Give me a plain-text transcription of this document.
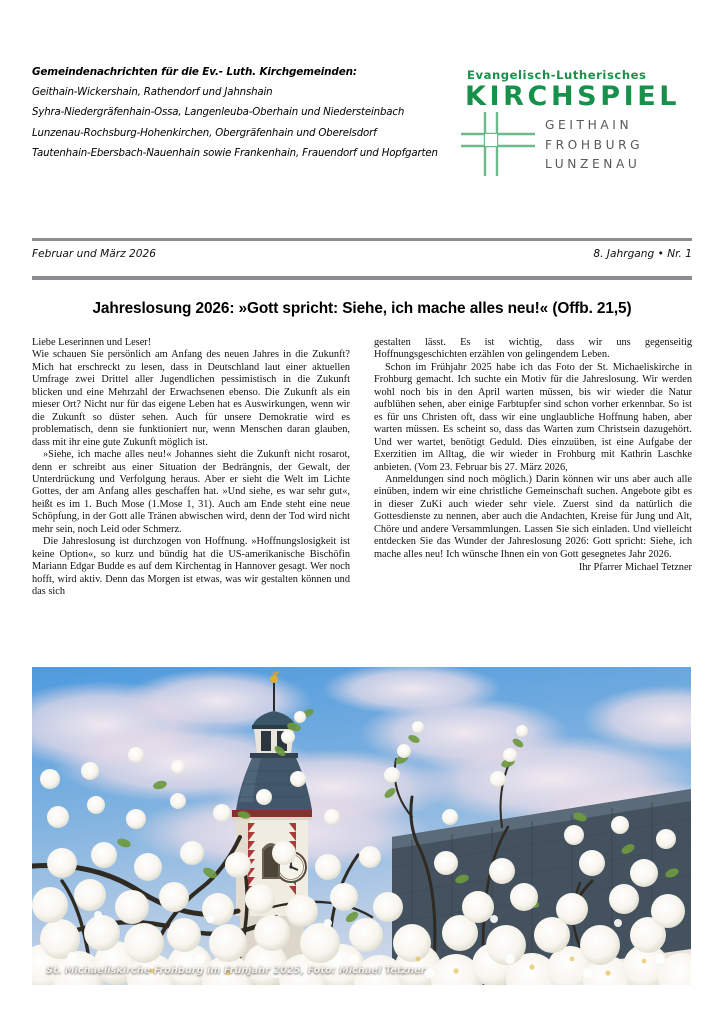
Gemeindenachrichten für die Ev.- Luth. Kirchgemeinden:
Geithain-Wickershain, Rathendorf und Jahnshain
Syhra-Niedergräfenhain-Ossa, Langenleuba-Oberhain und Niedersteinbach
Lunzenau-Rochsburg-Hohenkirchen, Obergräfenhain und Oberelsdorf
Tautenhain-Ebersbach-Nauenhain sowie Frankenhain, Frauendorf und Hopfgarten
Evangelisch-Lutherisches
KIRCHSPIEL
GEITHAIN
FROHBURG
LUNZENAU
Februar und März 2026	8. Jahrgang • Nr. 1
Jahreslosung 2026: »Gott spricht: Siehe, ich mache alles neu!« (Offb. 21,5)

Liebe Leserinnen und Leser!

Wie schauen Sie persönlich am Anfang des neuen Jahres in die Zukunft? Mich hat erschreckt zu lesen, dass in Deutschland laut einer aktuellen Umfrage zwei Drittel aller Jugendlichen pessimistisch in die Zukunft blicken und eine Mehrzahl der Erwachsenen ebenso. Die Zukunft als ein mieser Ort? Nicht nur für das eigene Leben hat es Auswirkungen, wenn wir die Zukunft so düster sehen. Auch für unsere Demokratie wird es problematisch, denn sie funktioniert nur, wenn Menschen daran glauben, dass mit ihr eine gute Zukunft möglich ist.

»Siehe, ich mache alles neu!« Johannes sieht die Zukunft nicht rosarot, denn er schreibt aus einer Situation der Bedrängnis, der Gewalt, der Unterdrückung und Verfolgung heraus. Aber er sieht die Welt im Lichte Gottes, der am Anfang alles geschaffen hat. »Und siehe, es war sehr gut«, heißt es im 1. Buch Mose (1.Mose 1, 31). Auch am Ende steht eine neue Schöpfung, in der Gott alle Tränen abwischen wird, denn der Tod wird nicht mehr sein, noch Leid oder Schmerz.

Die Jahreslosung ist durchzogen von Hoffnung. »Hoffnungslosigkeit ist keine Option«, so kurz und bündig hat die US-amerikanische Bischöfin Mariann Edgar Budde es auf dem Kirchentag in Hannover gesagt. Wer noch hofft, wird aktiv. Denn das Morgen ist etwas, was wir gestalten können und das sich

gestalten lässt. Es ist wichtig, dass wir uns gegenseitig Hoffnungsgeschichten erzählen von gelingendem Leben.

Schon im Frühjahr 2025 habe ich das Foto der St. Michaeliskirche in Frohburg gemacht. Ich suchte ein Motiv für die Jahreslosung. Wir werden wohl noch bis in den April warten müssen, bis wir wieder die Natur aufblühen sehen, aber einige Farbtupfer sind schon vorher erkennbar. So ist es für uns Christen oft, dass wir eine unglaubliche Hoffnung haben, aber warten müssen. Es scheint so, dass das Warten zum Christsein dazugehört. Und wer wartet, benötigt Geduld. Dies einzuüben, ist eine Aufgabe der Exerzitien im Alltag, die wir wieder in Frohburg mit Kathrin Laschke anbieten. (Vom 23. Februar bis 27. März 2026,

Anmeldungen sind noch möglich.) Darin können wir uns aber auch alle einüben, indem wir eine christliche Gemeinschaft suchen. Angebote gibt es in dieser ZuKi auch wieder sehr viele. Zuerst sind da natürlich die Gottesdienste zu nennen, aber auch die Andachten, Kreise für Jung und Alt, Chöre und andere Versammlungen. Lassen Sie sich einladen. Und vielleicht entdecken Sie das Wunder der Jahreslosung 2026: Gott spricht: Siehe, ich mache alles neu! Ich wünsche Ihnen ein von Gott gesegnetes Jahr 2026.

Ihr Pfarrer Michael Tetzner

St. Michaeliskirche Frohburg im Frühjahr 2025, Foto: Michael Tetzner
